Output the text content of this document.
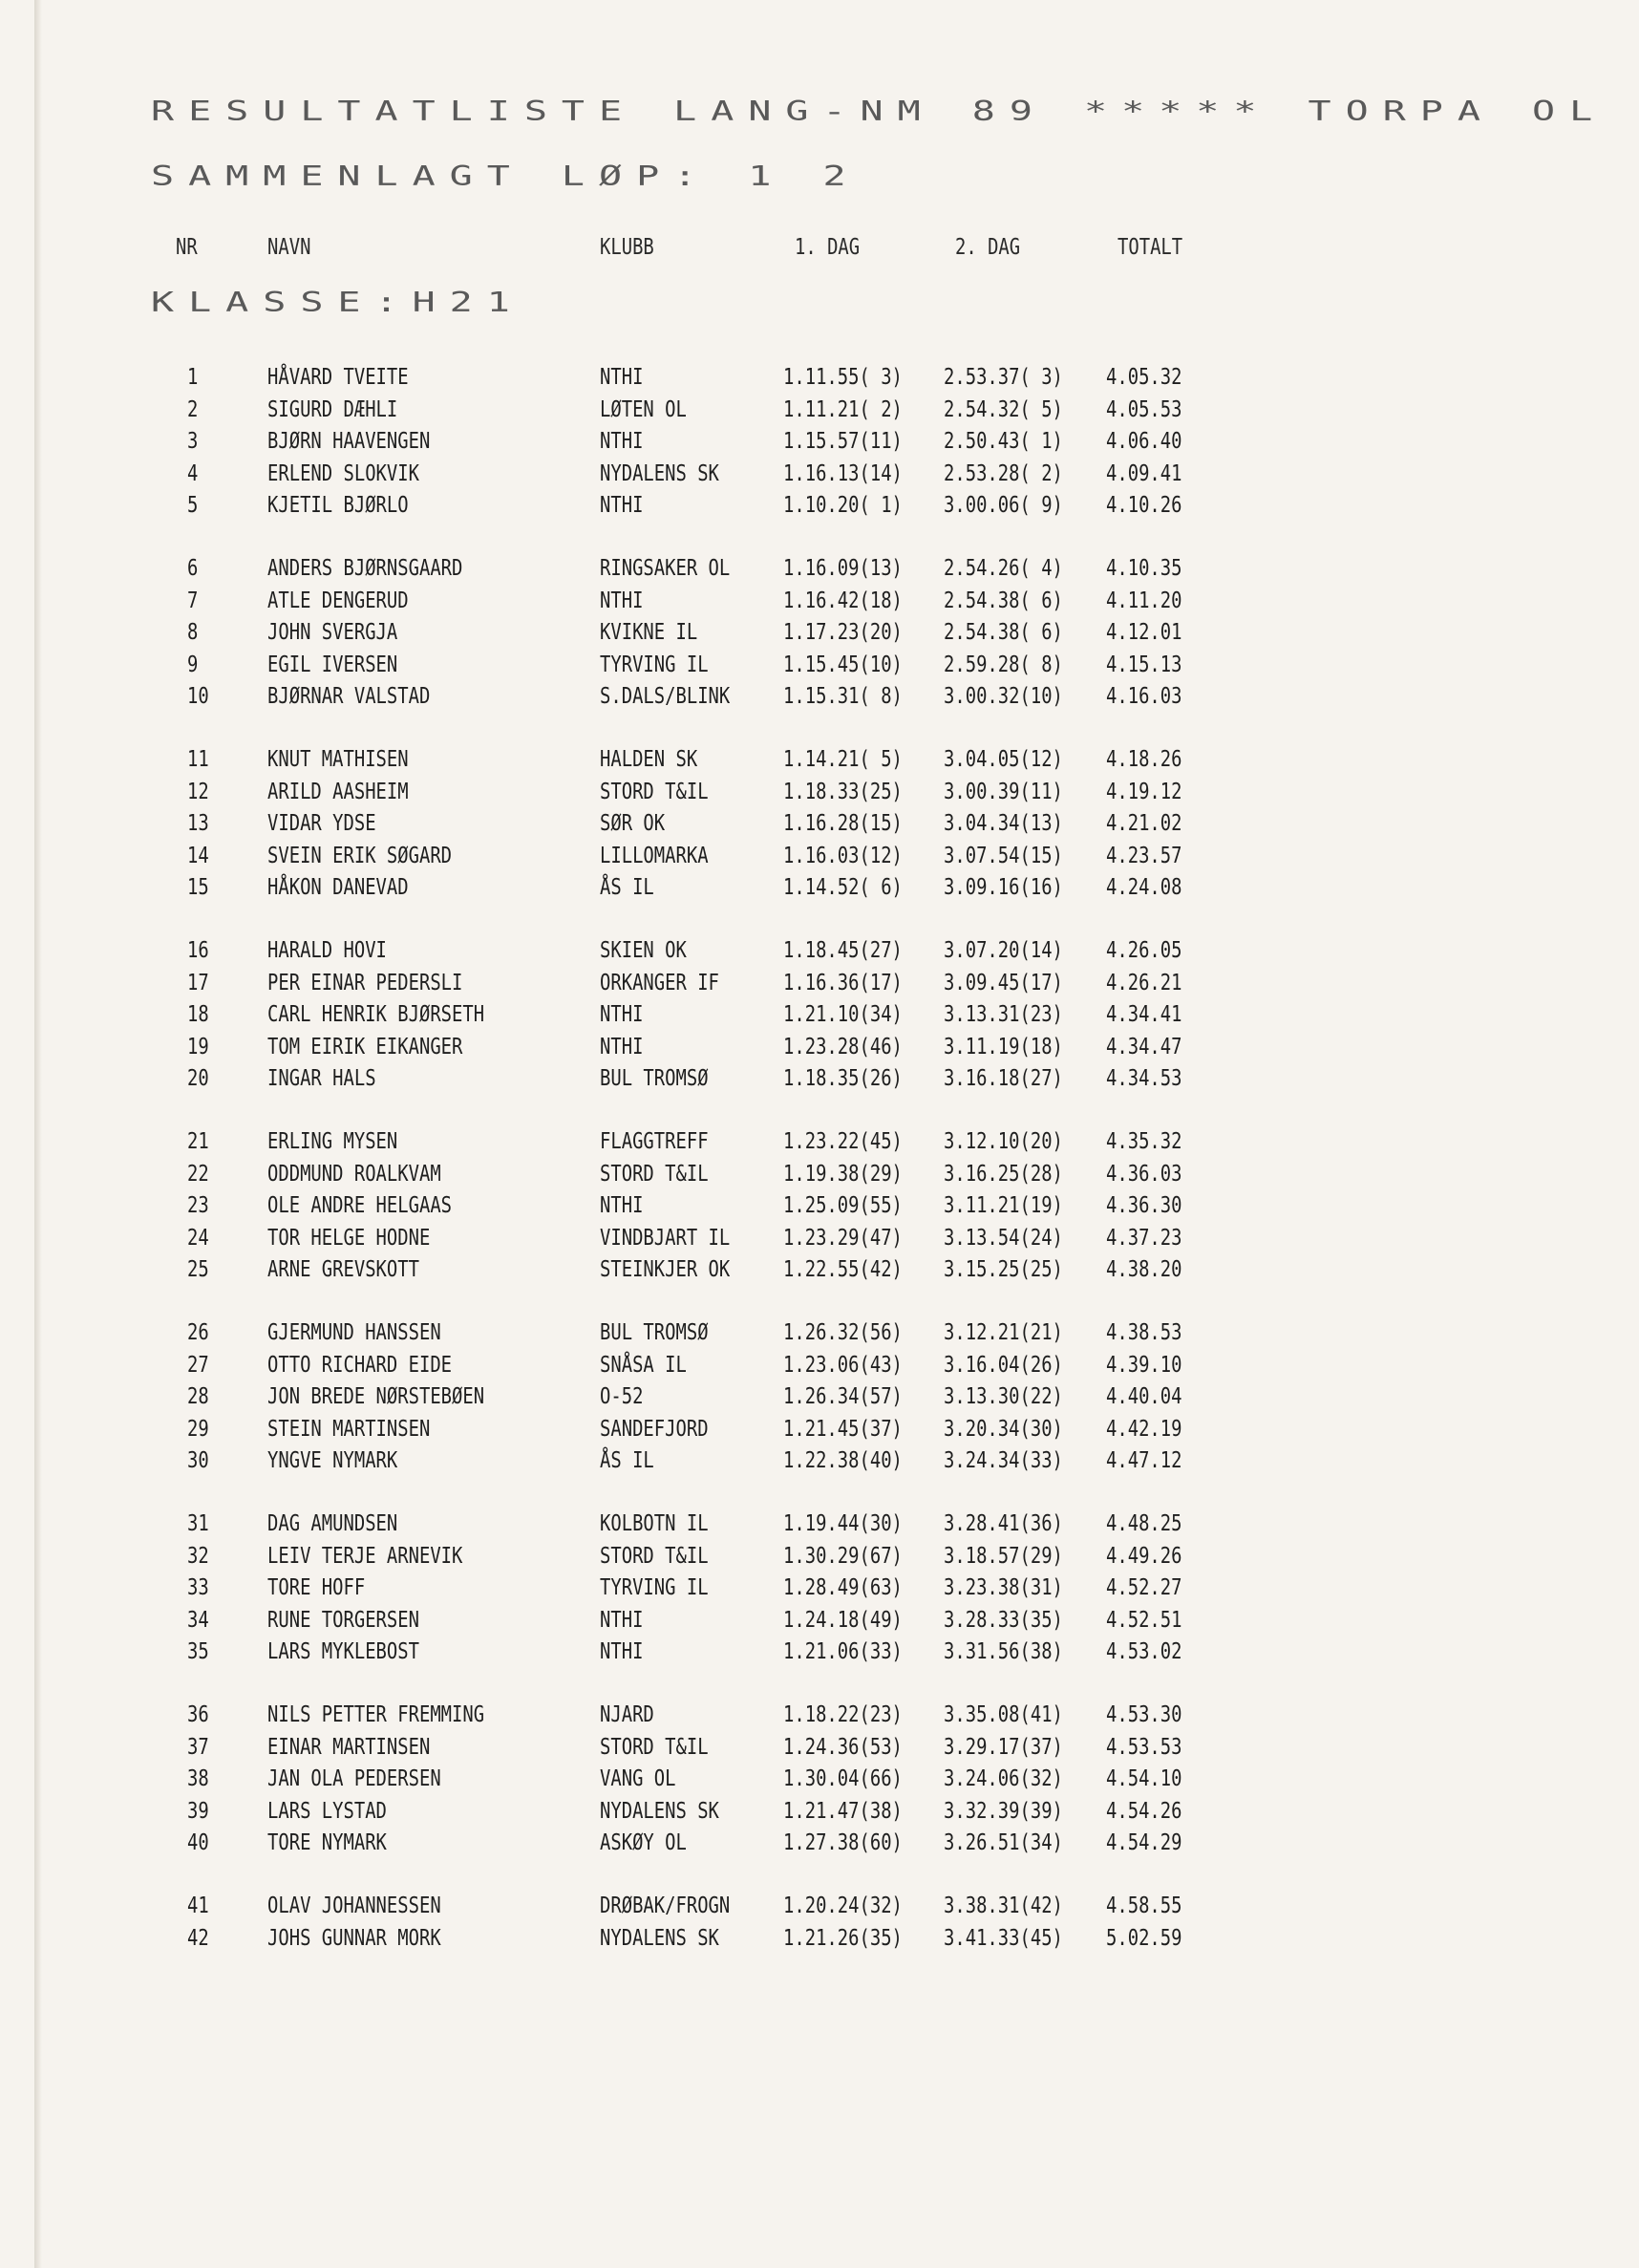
RESULTATLISTE LANG-NM 89 ***** TORPA OL
SAMMENLAGT LØP: 1 2
NR	NAVN	KLUBB	1. DAG	2. DAG	TOTALT
KLASSE:H21
1	HÅVARD TVEITE	NTHI	1.11.55( 3) 2.53.37( 3) 4.05.32
2	SIGURD DÆHLI	LØTEN OL	1.11.21( 2) 2.54.32( 5) 4.05.53
3	BJØRN HAAVENGEN	NTHI	1.15.57(11) 2.50.43( 1) 4.06.40
4	ERLEND SLOKVIK	NYDALENS SK	1.16.13(14) 2.53.28( 2) 4.09.41
5	KJETIL BJØRLO	NTHI	1.10.20( 1) 3.00.06( 9) 4.10.26
6	ANDERS BJØRNSGAARD	RINGSAKER OL 1.16.09(13) 2.54.26( 4) 4.10.35
7	ATLE DENGERUD	NTHI	1.16.42(18) 2.54.38( 6) 4.11.20
8	JOHN SVERGJA	KVIKNE IL	1.17.23(20) 2.54.38( 6) 4.12.01
9	EGIL IVERSEN	TYRVING IL	1.15.45(10) 2.59.28( 8) 4.15.13
10	BJØRNAR VALSTAD	S.DALS/BLINK 1.15.31( 8) 3.00.32(10) 4.16.03
11	KNUT MATHISEN	HALDEN SK	1.14.21( 5) 3.04.05(12) 4.18.26
12	ARILD AASHEIM	STORD T&IL	1.18.33(25) 3.00.39(11) 4.19.12
13	VIDAR YDSE	SØR OK	1.16.28(15) 3.04.34(13) 4.21.02
14	SVEIN ERIK SØGARD	LILLOMARKA	1.16.03(12) 3.07.54(15) 4.23.57
15	HÅKON DANEVAD	ÅS IL	1.14.52( 6) 3.09.16(16) 4.24.08
16	HARALD HOVI	SKIEN OK	1.18.45(27) 3.07.20(14) 4.26.05
17	PER EINAR PEDERSLI	ORKANGER IF	1.16.36(17) 3.09.45(17) 4.26.21
18	CARL HENRIK BJØRSETH	NTHI	1.21.10(34) 3.13.31(23) 4.34.41
19	TOM EIRIK EIKANGER	NTHI	1.23.28(46) 3.11.19(18) 4.34.47
20	INGAR HALS	BUL TROMSØ	1.18.35(26) 3.16.18(27) 4.34.53
21	ERLING MYSEN	FLAGGTREFF	1.23.22(45) 3.12.10(20) 4.35.32
22	ODDMUND ROALKVAM	STORD T&IL	1.19.38(29) 3.16.25(28) 4.36.03
23	OLE ANDRE HELGAAS	NTHI	1.25.09(55) 3.11.21(19) 4.36.30
24	TOR HELGE HODNE	VINDBJART IL 1.23.29(47) 3.13.54(24) 4.37.23
25	ARNE GREVSKOTT	STEINKJER OK 1.22.55(42) 3.15.25(25) 4.38.20
26	GJERMUND HANSSEN	BUL TROMSØ	1.26.32(56) 3.12.21(21) 4.38.53
27	OTTO RICHARD EIDE	SNÅSA IL	1.23.06(43) 3.16.04(26) 4.39.10
28	JON BREDE NØRSTEBØEN	O-52	1.26.34(57) 3.13.30(22) 4.40.04
29	STEIN MARTINSEN	SANDEFJORD	1.21.45(37) 3.20.34(30) 4.42.19
30	YNGVE NYMARK	ÅS IL	1.22.38(40) 3.24.34(33) 4.47.12
31	DAG AMUNDSEN	KOLBOTN IL	1.19.44(30) 3.28.41(36) 4.48.25
32	LEIV TERJE ARNEVIK	STORD T&IL	1.30.29(67) 3.18.57(29) 4.49.26
33	TORE HOFF	TYRVING IL	1.28.49(63) 3.23.38(31) 4.52.27
34	RUNE TORGERSEN	NTHI	1.24.18(49) 3.28.33(35) 4.52.51
35	LARS MYKLEBOST	NTHI	1.21.06(33) 3.31.56(38) 4.53.02
36	NILS PETTER FREMMING	NJARD	1.18.22(23) 3.35.08(41) 4.53.30
37	EINAR MARTINSEN	STORD T&IL	1.24.36(53) 3.29.17(37) 4.53.53
38	JAN OLA PEDERSEN	VANG OL	1.30.04(66) 3.24.06(32) 4.54.10
39	LARS LYSTAD	NYDALENS SK	1.21.47(38) 3.32.39(39) 4.54.26
40	TORE NYMARK	ASKØY OL	1.27.38(60) 3.26.51(34) 4.54.29
41	OLAV JOHANNESSEN	DRØBAK/FROGN 1.20.24(32) 3.38.31(42) 4.58.55
42	JOHS GUNNAR MORK	NYDALENS SK	1.21.26(35) 3.41.33(45) 5.02.59
